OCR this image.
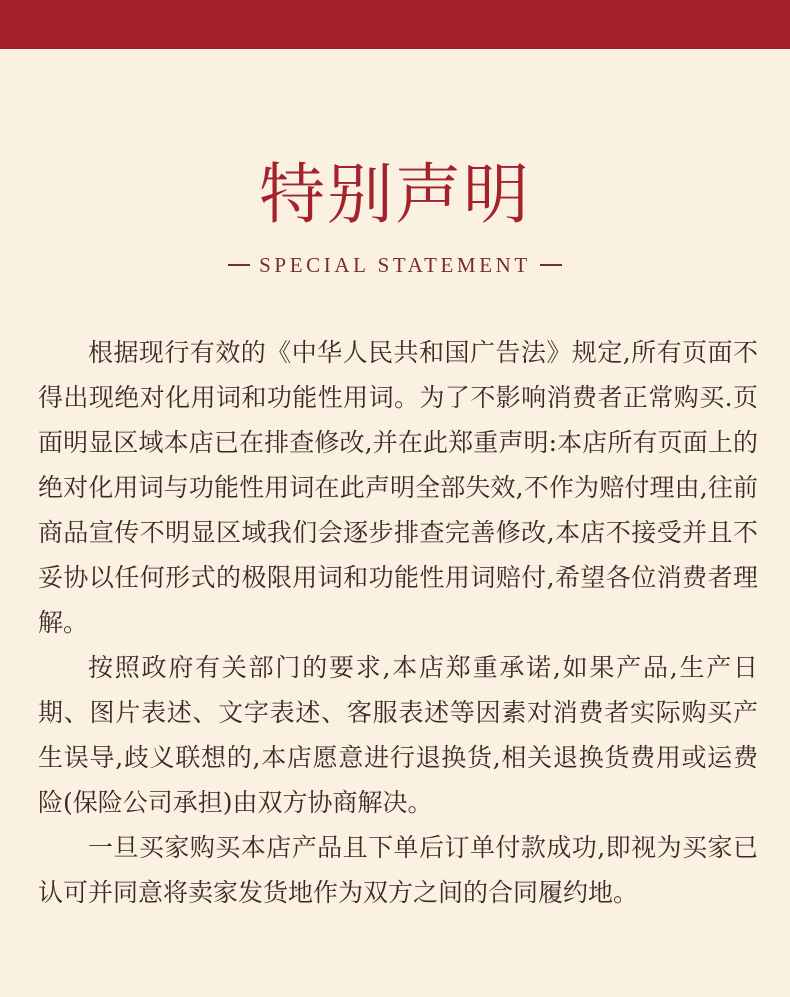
特别声明
SPECIAL STATEMENT

根据现行有效的《中华人民共和国广告法》规定,所有页面不得出现绝对化用词和功能性用词。为了不影响消费者正常购买.页面明显区域本店已在排查修改,并在此郑重声明:本店所有页面上的绝对化用词与功能性用词在此声明全部失效,不作为赔付理由,往前商品宣传不明显区域我们会逐步排查完善修改,本店不接受并且不妥协以任何形式的极限用词和功能性用词赔付,希望各位消费者理解。

按照政府有关部门的要求,本店郑重承诺,如果产品,生产日期、图片表述、文字表述、客服表述等因素对消费者实际购买产生误导,歧义联想的,本店愿意进行退换货,相关退换货费用或运费险(保险公司承担)由双方协商解决。

一旦买家购买本店产品且下单后订单付款成功,即视为买家已认可并同意将卖家发货地作为双方之间的合同履约地。
